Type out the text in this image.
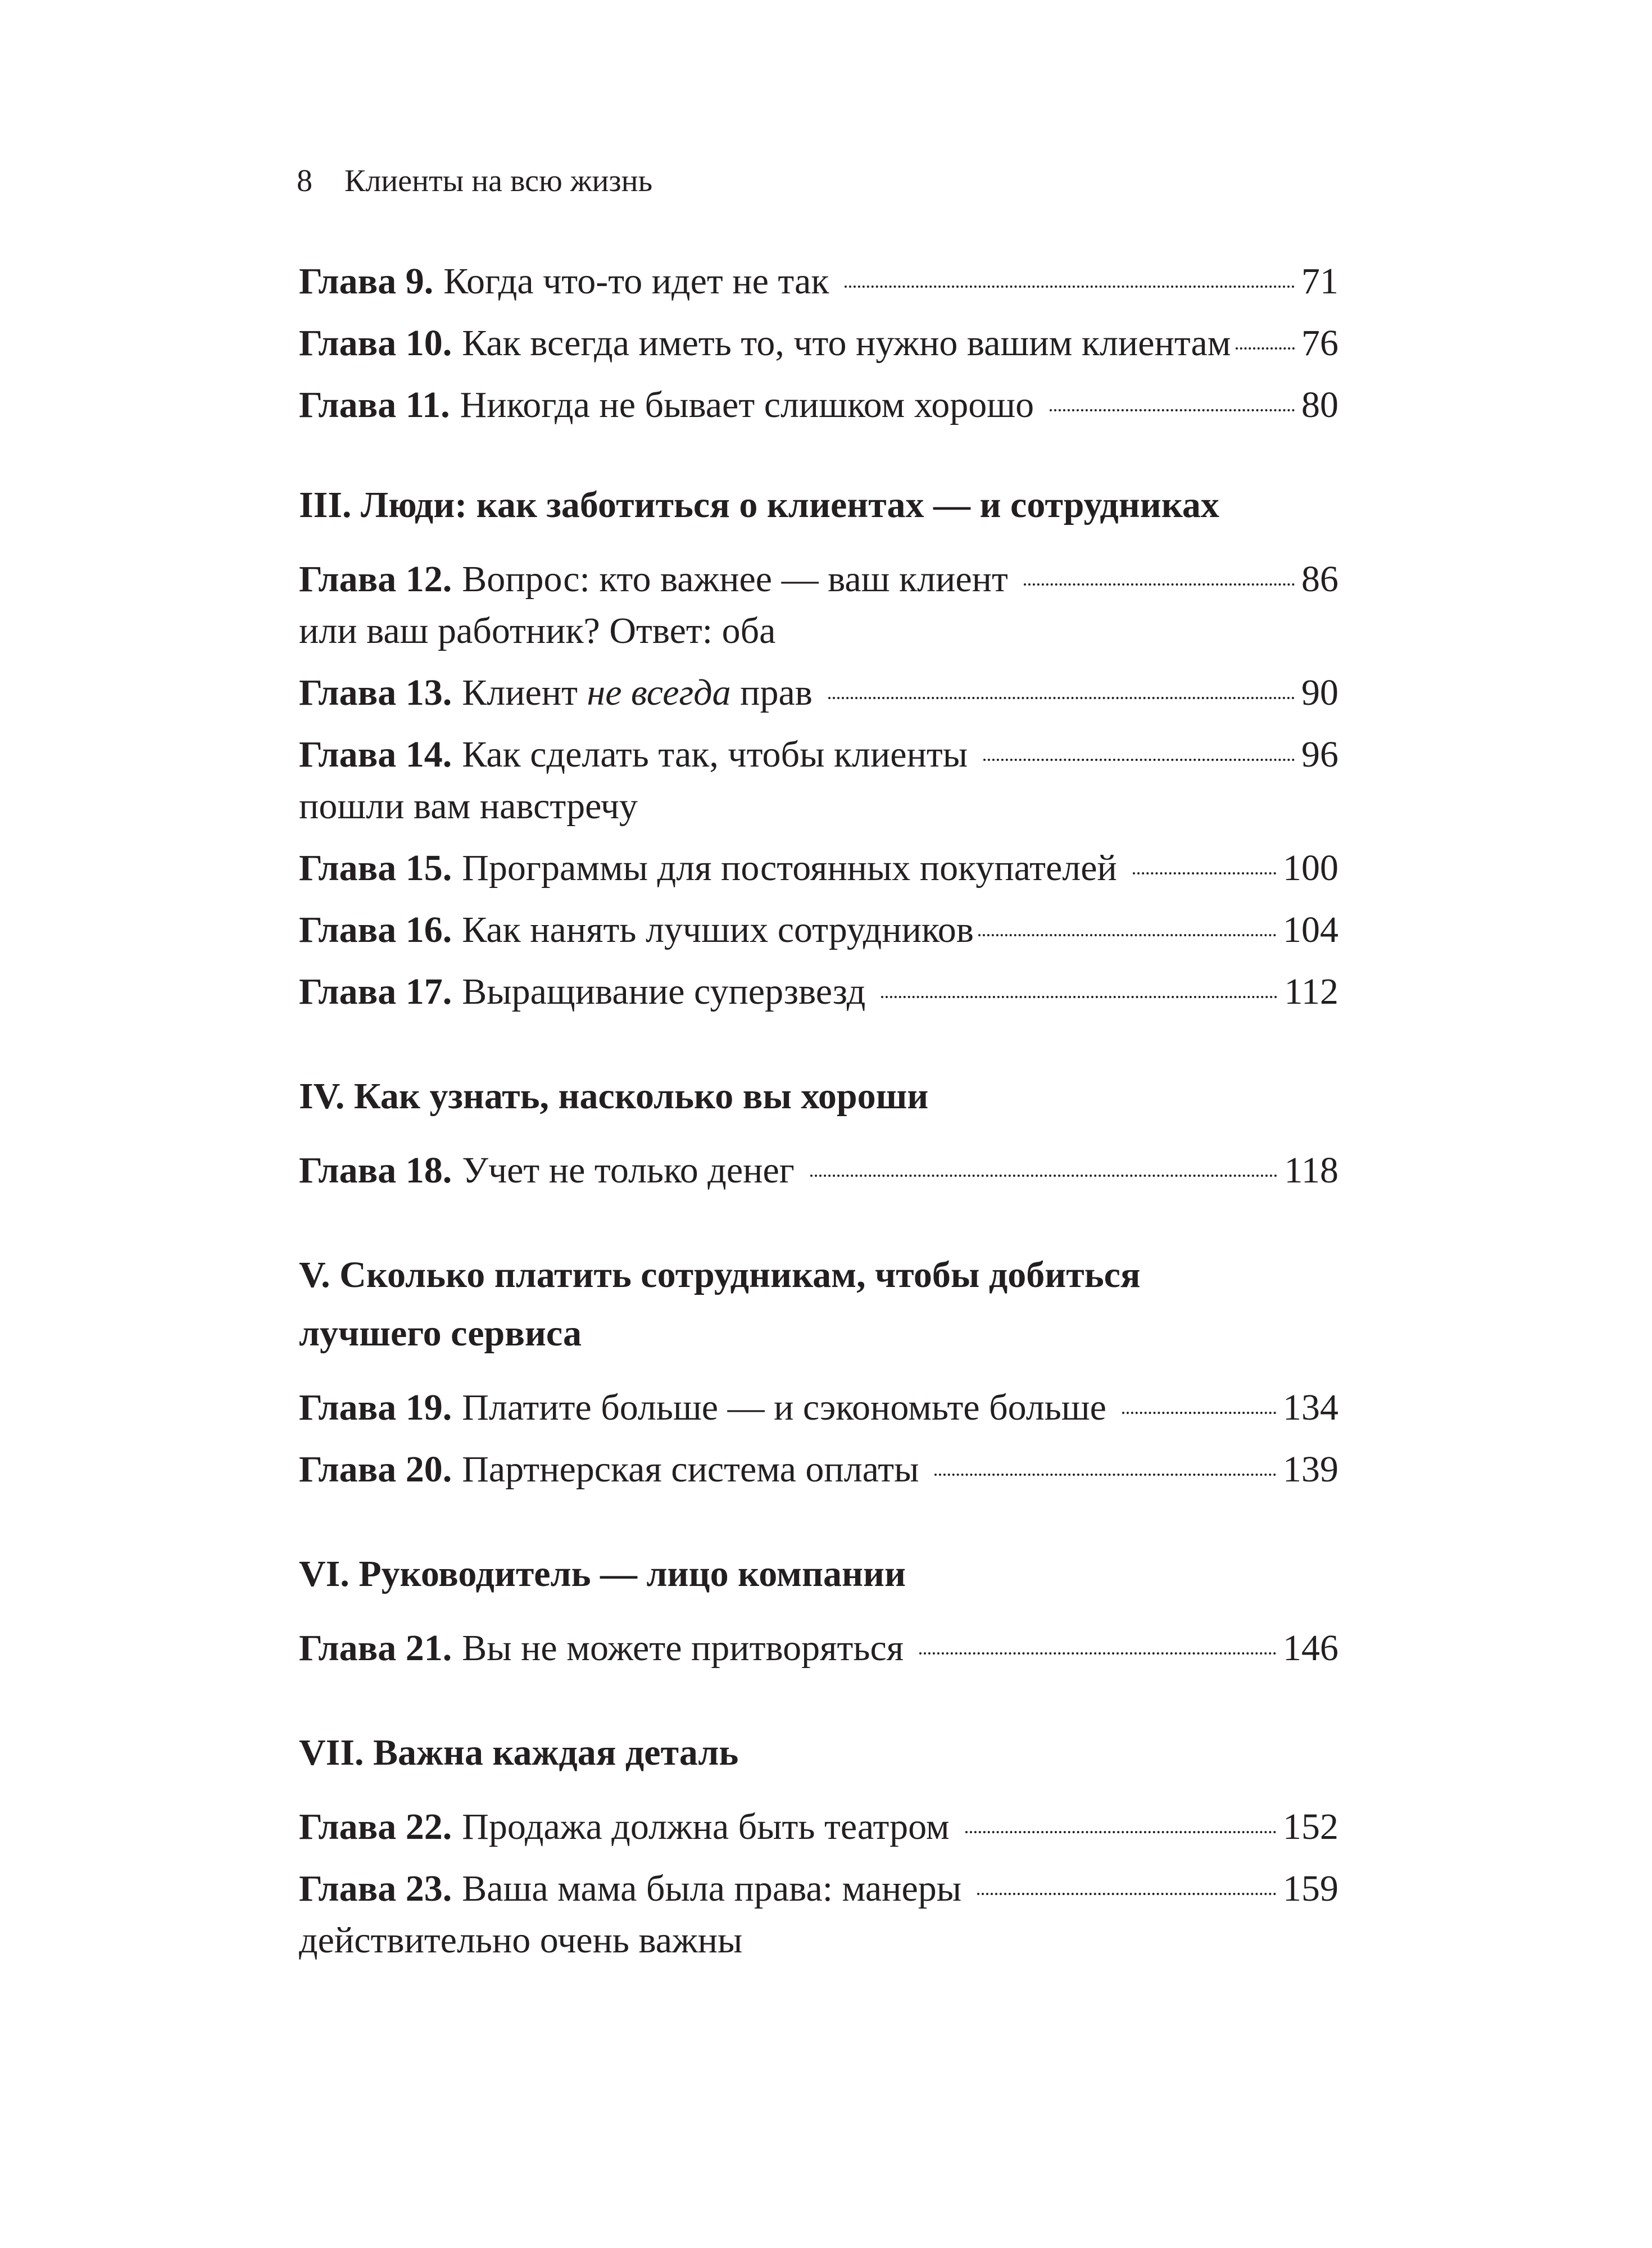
8 Клиенты на всю жизнь
Глава 9. Когда что-то идет не так	71
Глава 10. Как всегда иметь то, что нужно вашим клиентам 76
Глава 11. Никогда не бывает слишком хорошо	80
III. Люди: как заботиться о клиентах — и сотрудниках
Глава 12. Вопрос: кто важнее — ваш клиент	86
или ваш работник? Ответ: оба
Глава 13. Клиент не всегда прав	90
Глава 14. Как сделать так, чтобы клиенты	96
пошли вам навстречу
Глава 15. Программы для постоянных покупателей	100
Глава 16. Как нанять лучших сотрудников	104
Глава 17. Выращивание суперзвезд	112
IV. Как узнать, насколько вы хороши
Глава 18. Учет не только денег	118
V. Сколько платить сотрудникам, чтобы добиться
лучшего сервиса
Глава 19. Платите больше — и сэкономьте больше	134
Глава 20. Партнерская система оплаты	139
VI. Руководитель — лицо компании
Глава 21. Вы не можете притворяться	146
VII. Важна каждая деталь
Глава 22. Продажа должна быть театром	152
Глава 23. Ваша мама была права: манеры	159
действительно очень важны
